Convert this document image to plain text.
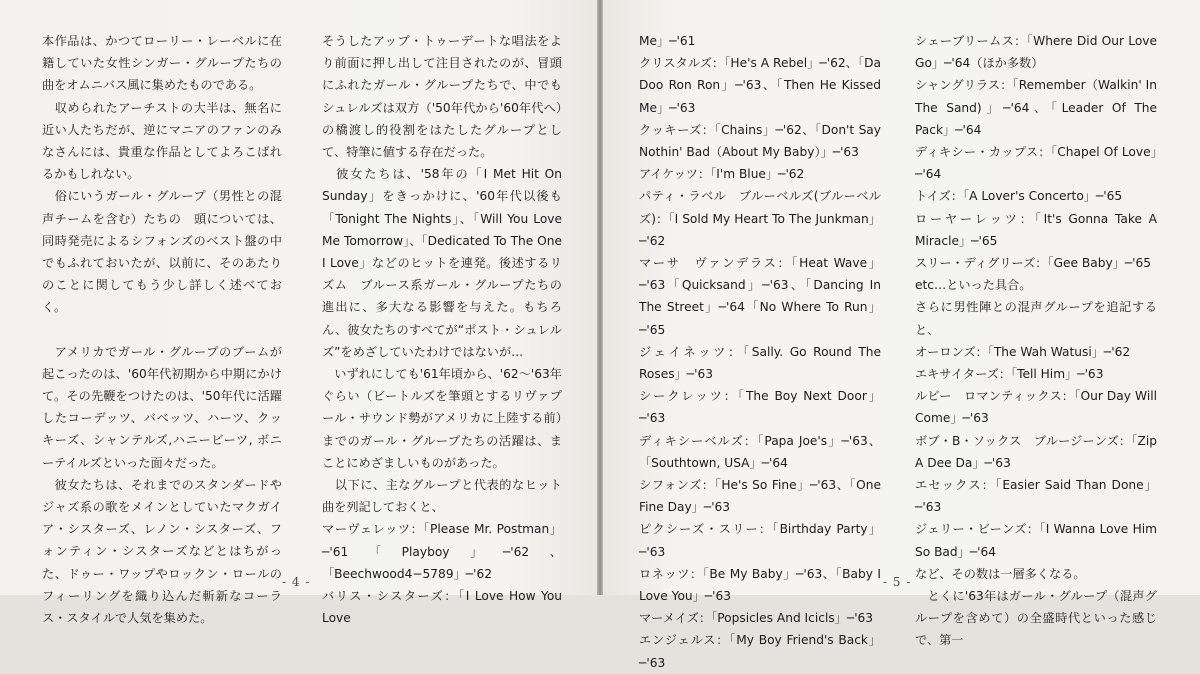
本作品は、かつてローリー・レーベルに在籍していた女性シンガー・グループたちの曲をオムニバス風に集めたものである。

　収められたアーチストの大半は、無名に近い人たちだが、逆にマニアのファンのみなさんには、貴重な作品としてよろこばれるかもしれない。

　俗にいうガール・グループ（男性との混声チームを含む）たちの　頭については、同時発売によるシフォンズのベスト盤の中でもふれておいたが、以前に、そのあたりのことに関してもう少し詳しく述べておく。

　アメリカでガール・グループのブームが起こったのは、'60年代初期から中期にかけて。その先鞭をつけたのは、'50年代に活躍したコーデッツ、バベッツ、ハーツ、クッキーズ、シャンテルズ,ハニービーツ, ボニーテイルズといった面々だった。

　彼女たちは、それまでのスタンダードやジャズ系の歌をメインとしていたマクガイア・シスターズ、レノン・シスターズ、フォンティン・シスターズなどとはちがった、ドゥー・ワップやロックン・ロールのフィーリングを織り込んだ斬新なコーラス・スタイルで人気を集めた。

そうしたアップ・トゥーデートな唱法をより前面に押し出して注目されたのが、冒頭にふれたガール・グループたちで、中でもシュレルズは双方（'50年代から'60年代へ）の橋渡し的役割をはたしたグループとして、特筆に値する存在だった。

　彼女たちは、'58年の「I Met Hit On Sunday」をきっかけに、'60年代以後も「Tonight The Nights」、「Will You Love Me Tomorrow」、「Dedicated To The One I Love」などのヒットを連発。後述するリズム　ブルース系ガール・グループたちの進出に、多大なる影響を与えた。もちろん、彼女たちのすべてが“ポスト・シュレルズ”をめざしていたわけではないが…

　いずれにしても'61年頃から、'62〜'63年ぐらい（ビートルズを筆頭とするリヴァプール・サウンド勢がアメリカに上陸する前）までのガール・グループたちの活躍は、まことにめざましいものがあった。

　以下に、主なグループと代表的なヒット曲を列記しておくと、

マーヴェレッツ：「Please Mr. Postman」─'61「Playboy」─'62、「Beechwood4−5789」─'62

バリス・シスターズ：「I Love How You Love

- 4 -

Me」─'61

クリスタルズ：「He's A Rebel」─'62、「Da Doo Ron Ron」─'63、「Then He Kissed Me」─'63

クッキーズ：「Chains」─'62、「Don't Say Nothin' Bad（About My Baby）」─'63

アイケッツ：「I'm Blue」─'62

パティ・ラベル　ブルーベルズ(ブルーベルズ)：「I Sold My Heart To The Junkman」─'62

マーサ　ヴァンデラス：「Heat Wave」─'63「Quicksand」─'63、「Dancing In The Street」─'64「No Where To Run」─'65

ジェイネッツ：「Sally. Go Round The Roses」─'63

シークレッツ：「The Boy Next Door」─'63

ディキシーベルズ：「Papa Joe's」─'63、「Southtown, USA」─'64

シフォンズ：「He's So Fine」─'63、「One Fine Day」─'63

ピクシーズ・スリー：「Birthday Party」─'63

ロネッツ：「Be My Baby」─'63、「Baby I Love You」─'63

マーメイズ：「Popsicles And Icicls」─'63

エンジェルス：「My Boy Friend's Back」─'63

シェーブリームス：「Where Did Our Love Go」─'64（ほか多数）

シャングリラス：「Remember（Walkin' In The Sand)」─'64、「Leader Of The Pack」─'64

ディキシー・カップス：「Chapel Of Love」─'64

トイズ：「A Lover's Concerto」─'65

ローヤーレッツ：「It's Gonna Take A Miracle」─'65

スリー・ディグリーズ：「Gee Baby」─'65

etc…といった具合。

さらに男性陣との混声グループを追記すると、

オーロンズ：「The Wah Watusi」─'62

エキサイターズ：「Tell Him」─'63

ルビー　ロマンティックス：「Our Day Will Come」─'63

ボブ・B・ソックス　ブルージーンズ：「Zip A Dee Da」─'63

エセックス：「Easier Said Than Done」─'63

ジェリー・ビーンズ：「I Wanna Love Him So Bad」─'64

など、その数は一層多くなる。

　とくに'63年はガール・グループ（混声グループを含めて）の全盛時代といった感じで、第一

- 5 -
